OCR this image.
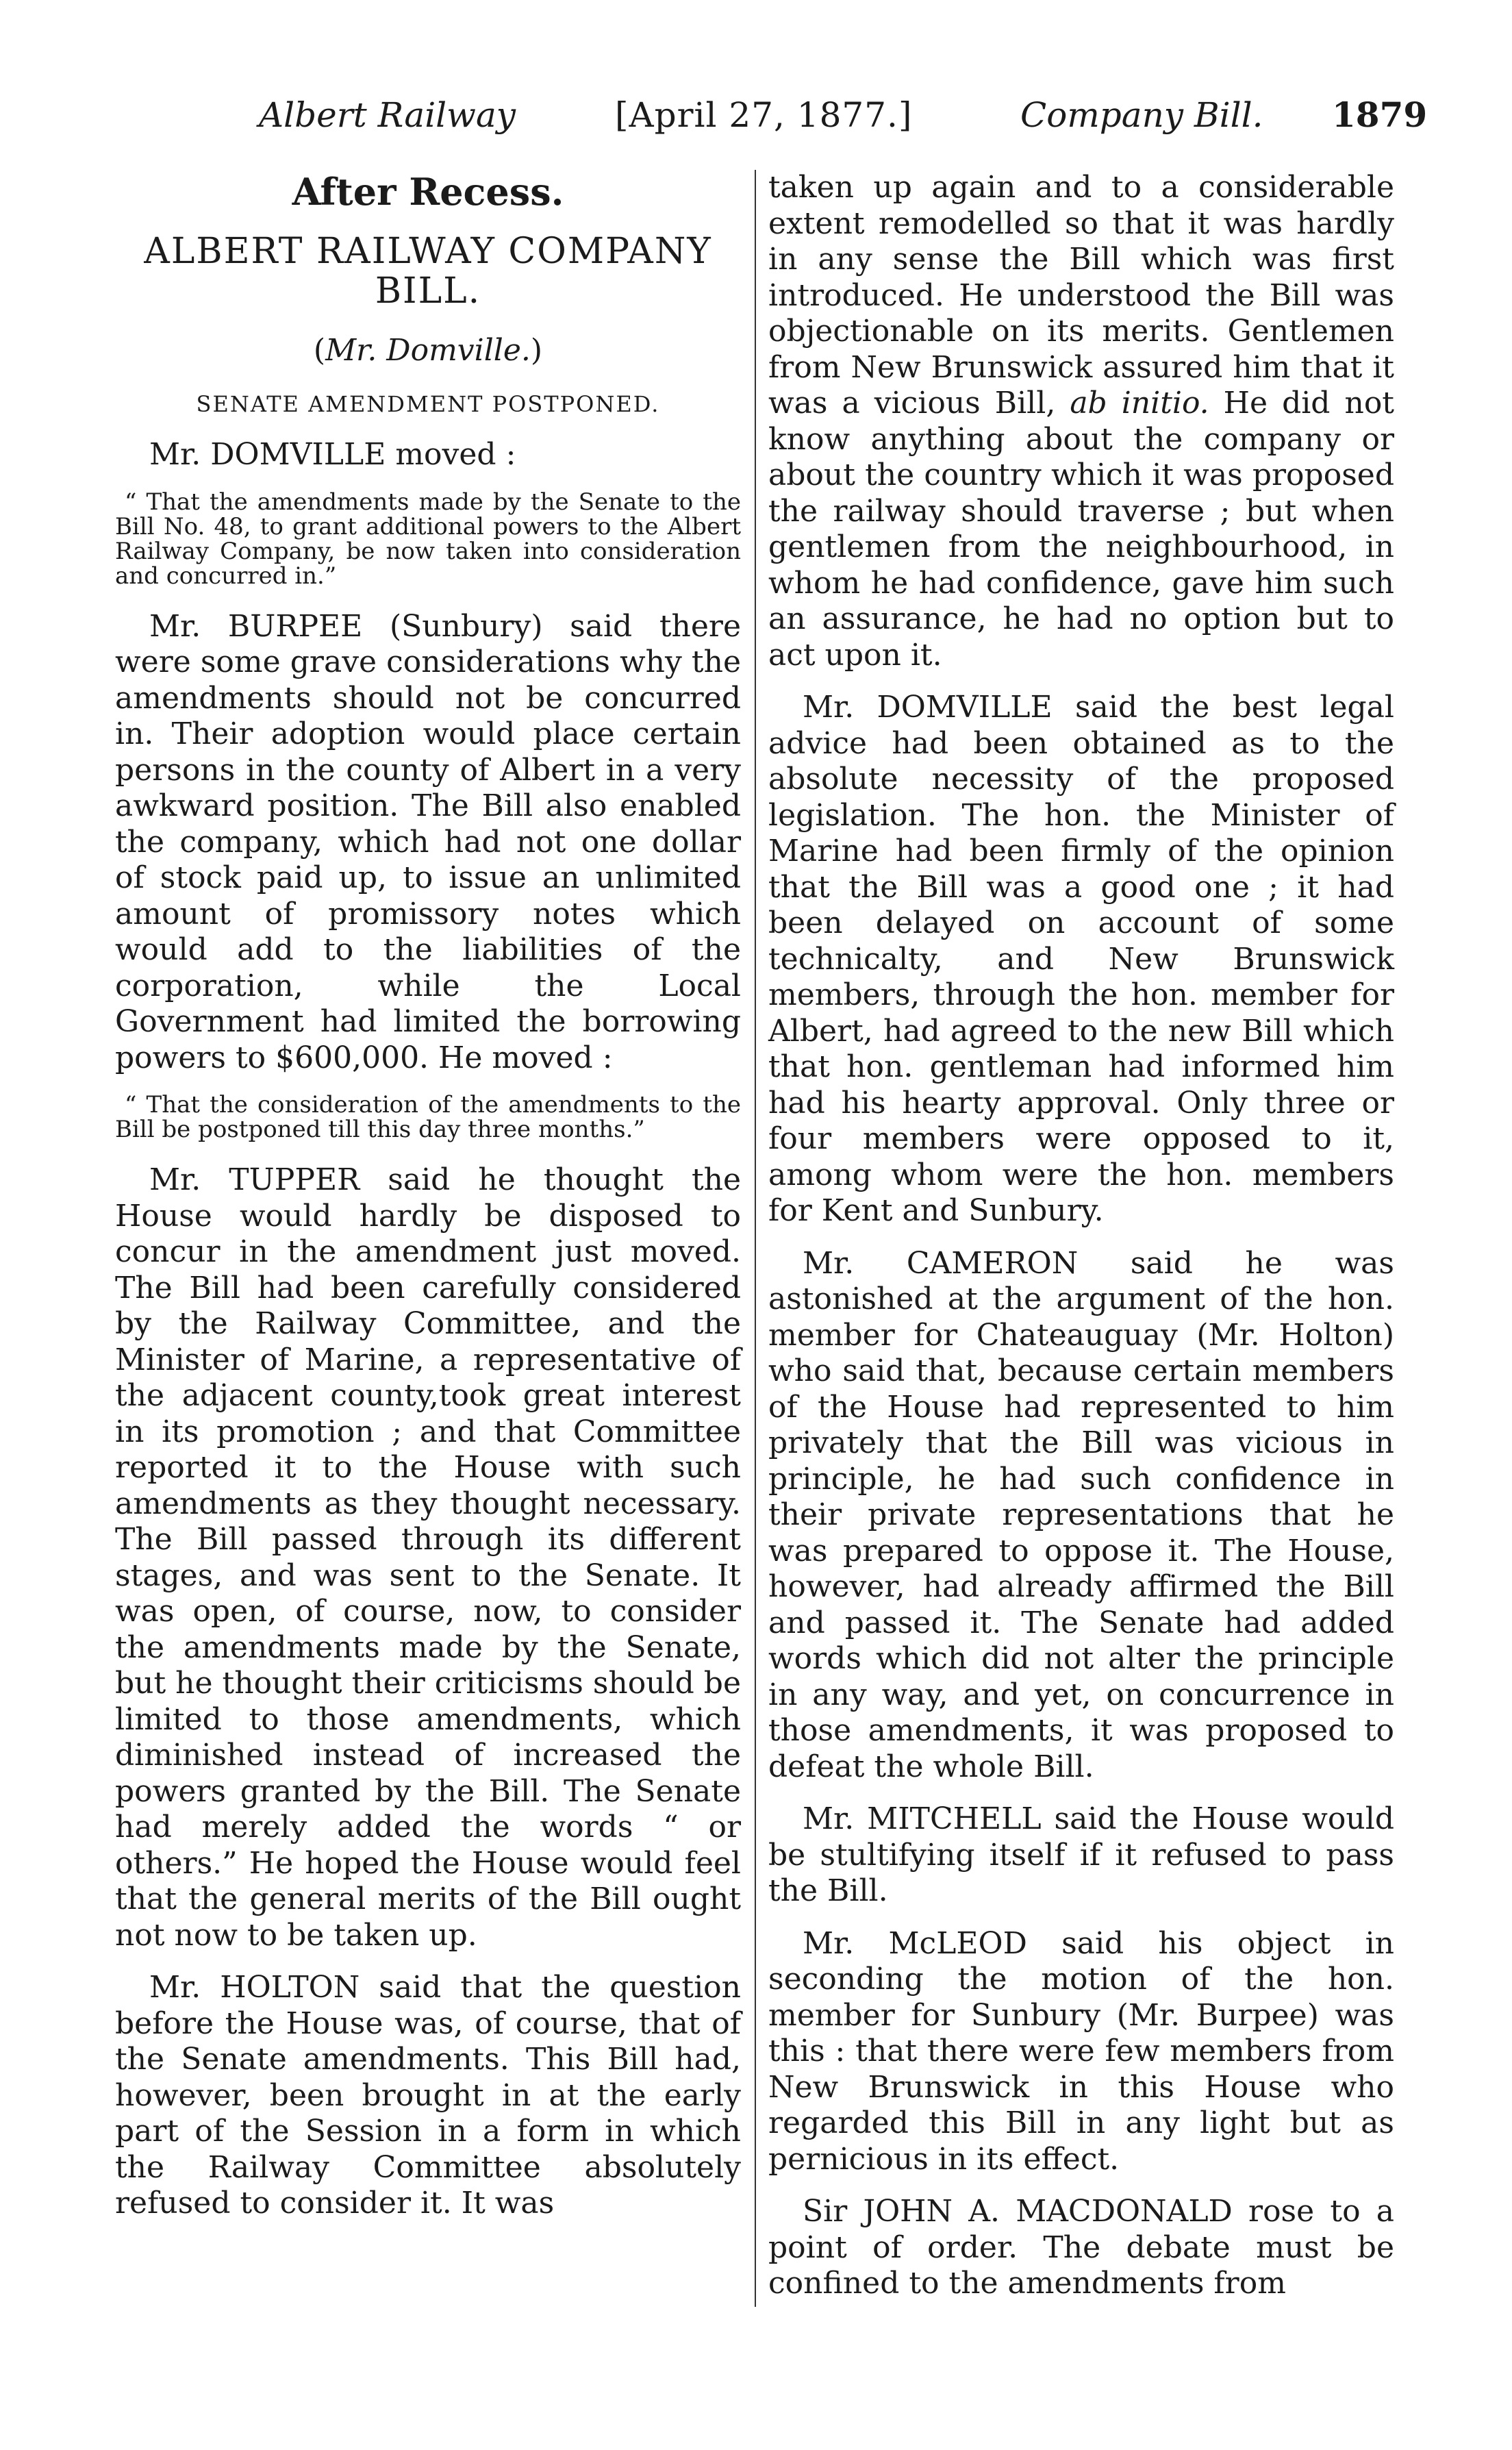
Albert Railway	[April 27, 1877.]	Company Bill. 1879
After Recess.
ALBERT RAILWAY COMPANY BILL.
(Mr. Domville.)
SENATE AMENDMENT POSTPONED.

Mr. DOMVILLE moved :

“ That the amendments made by the Senate to the Bill No. 48, to grant additional powers to the Albert Railway Company, be now taken into consideration and concurred in.”

Mr. BURPEE (Sunbury) said there were some grave considerations why the amendments should not be concurred in. Their adoption would place certain persons in the county of Albert in a very awkward position. The Bill also enabled the company, which had not one dollar of stock paid up, to issue an unlimited amount of promissory notes which would add to the liabilities of the corporation, while the Local Government had limited the borrowing powers to $600,000. He moved :

“ That the consideration of the amendments to the Bill be postponed till this day three months.”

Mr. TUPPER said he thought the House would hardly be disposed to concur in the amendment just moved. The Bill had been carefully considered by the Railway Committee, and the Minister of Marine, a representative of the adjacent county,took great interest in its promotion ; and that Committee reported it to the House with such amendments as they thought necessary. The Bill passed through its different stages, and was sent to the Senate. It was open, of course, now, to consider the amendments made by the Senate, but he thought their criticisms should be limited to those amendments, which diminished instead of increased the powers granted by the Bill. The Senate had merely added the words “ or others.” He hoped the House would feel that the general merits of the Bill ought not now to be taken up.

Mr. HOLTON said that the question before the House was, of course, that of the Senate amendments. This Bill had, however, been brought in at the early part of the Session in a form in which the Railway Committee absolutely refused to consider it. It was

taken up again and to a considerable extent remodelled so that it was hardly in any sense the Bill which was first introduced. He understood the Bill was objectionable on its merits. Gentlemen from New Brunswick assured him that it was a vicious Bill, ab initio. He did not know anything about the company or about the country which it was proposed the railway should traverse ; but when gentlemen from the neighbourhood, in whom he had confidence, gave him such an assurance, he had no option but to act upon it.

Mr. DOMVILLE said the best legal advice had been obtained as to the absolute necessity of the proposed legislation. The hon. the Minister of Marine had been firmly of the opinion that the Bill was a good one ; it had been delayed on account of some technicalty, and New Brunswick members, through the hon. member for Albert, had agreed to the new Bill which that hon. gentleman had informed him had his hearty approval. Only three or four members were opposed to it, among whom were the hon. members for Kent and Sunbury.

Mr. CAMERON said he was astonished at the argument of the hon. member for Chateauguay (Mr. Holton) who said that, because certain members of the House had represented to him privately that the Bill was vicious in principle, he had such confidence in their private representations that he was prepared to oppose it. The House, however, had already affirmed the Bill and passed it. The Senate had added words which did not alter the principle in any way, and yet, on concurrence in those amendments, it was proposed to defeat the whole Bill.

Mr. MITCHELL said the House would be stultifying itself if it refused to pass the Bill.

Mr. McLEOD said his object in seconding the motion of the hon. member for Sunbury (Mr. Burpee) was this : that there were few members from New Brunswick in this House who regarded this Bill in any light but as pernicious in its effect.

Sir JOHN A. MACDONALD rose to a point of order. The debate must be confined to the amendments from
